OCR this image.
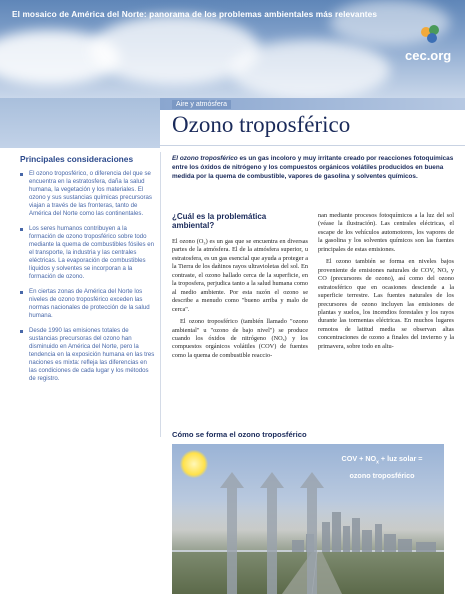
El mosaico de América del Norte: panorama de los problemas ambientales más relevantes
cec.org
Aire y atmósfera
Ozono troposférico
Principales consideraciones
El ozono troposférico, o diferencia del que se encuentra en la estratosfera, daña la salud humana, la vegetación y los materiales. El ozono y sus sustancias químicas precursoras viajan a través de las fronteras, tanto de América del Norte como las continentales.
Los seres humanos contribuyen a la formación de ozono troposférico sobre todo mediante la quema de combustibles fósiles en el transporte, la industria y las centrales eléctricas. La evaporación de combustibles líquidos y solventes se incorporan a la formación de ozono.
En ciertas zonas de América del Norte los niveles de ozono troposférico exceden las normas nacionales de protección de la salud humana.
Desde 1990 las emisiones totales de sustancias precursoras del ozono han disminuido en América del Norte, pero la tendencia en la exposición humana en las tres naciones es mixta: refleja las diferencias en las condiciones de cada lugar y los métodos de registro.

El ozono troposférico es un gas incoloro y muy irritante creado por reacciones fotoquímicas entre los óxidos de nitrógeno y los compuestos orgánicos volátiles producidos en buena medida por la quema de combustible, vapores de gasolina y solventes químicos.

¿Cuál es la problemática ambiental?

El ozono (O₃) es un gas que se encuentra en diversas partes de la atmósfera. El de la atmósfera superior, u estratosfera, es un gas esencial que ayuda a proteger a la Tierra de los dañinos rayos ultravioletas del sol. En contraste, el ozono hallado cerca de la superficie, en la troposfera, perjudica tanto a la salud humana como al medio ambiente. Por esta razón el ozono se describe a menudo como "bueno arriba y malo de cerca".

El ozono troposférico (también llamado "ozono ambiental" u "ozono de bajo nivel") se produce cuando los óxidos de nitrógeno (NOₓ) y los compuestos orgánicos volátiles (COV) de fuentes como la quema de combustible reaccio-

nan mediante procesos fotoquímicos a la luz del sol (véase la ilustración). Las centrales eléctricas, el escape de los vehículos automotores, los vapores de la gasolina y los solventes químicos son las fuentes principales de estas emisiones.

El ozono también se forma en niveles bajos proveniente de emisiones naturales de COV, NOₓ y CO (precursores de ozono), así como del ozono estratosférico que en ocasiones desciende a la superficie terrestre. Las fuentes naturales de los precursores de ozono incluyen las emisiones de plantas y suelos, los incendios forestales y los rayos durante las tormentas eléctricas. En muchos lugares remotos de latitud media se observan altas concentraciones de ozono a finales del invierno y la primavera, sobre todo en altu-

Cómo se forma el ozono troposférico
COV + $NO_x$ + luz solar =
ozono troposférico
